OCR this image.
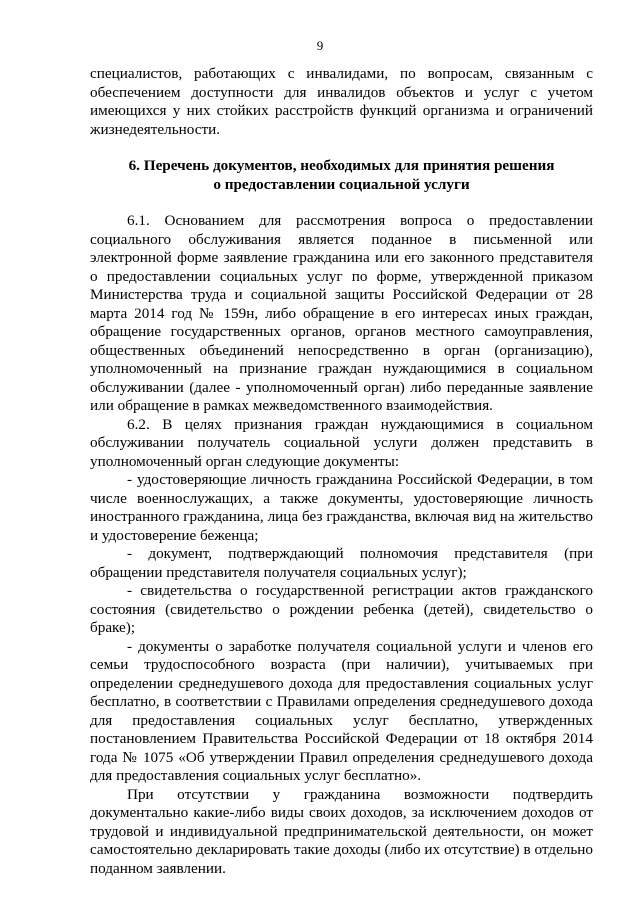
9

специалистов, работающих с инвалидами, по вопросам, связанным с обеспечением доступности для инвалидов объектов и услуг с учетом имеющихся у них стойких расстройств функций организма и ограничений жизнедеятельности.

6. Перечень документов, необходимых для принятия решения
о предоставлении социальной услуги

6.1. Основанием для рассмотрения вопроса о предоставлении социального обслуживания является поданное в письменной или электронной форме заявление гражданина или его законного представителя о предоставлении социальных услуг по форме, утвержденной приказом Министерства труда и социальной защиты Российской Федерации от 28 марта 2014 год № 159н, либо обращение в его интересах иных граждан, обращение государственных органов, органов местного самоуправления, общественных объединений непосредственно в орган (организацию), уполномоченный на признание граждан нуждающимися в социальном обслуживании (далее - уполномоченный орган) либо переданные заявление или обращение в рамках межведомственного взаимодействия.

6.2. В целях признания граждан нуждающимися в социальном обслуживании получатель социальной услуги должен представить в уполномоченный орган следующие документы:

- удостоверяющие личность гражданина Российской Федерации, в том числе военнослужащих, а также документы, удостоверяющие личность иностранного гражданина, лица без гражданства, включая вид на жительство и удостоверение беженца;

- документ, подтверждающий полномочия представителя (при обращении представителя получателя социальных услуг);

- свидетельства о государственной регистрации актов гражданского состояния (свидетельство о рождении ребенка (детей), свидетельство о браке);

- документы о заработке получателя социальной услуги и членов его семьи трудоспособного возраста (при наличии), учитываемых при определении среднедушевого дохода для предоставления социальных услуг бесплатно, в соответствии с Правилами определения среднедушевого дохода для предоставления социальных услуг бесплатно, утвержденных постановлением Правительства Российской Федерации от 18 октября 2014 года № 1075 «Об утверждении Правил определения среднедушевого дохода для предоставления социальных услуг бесплатно».

При отсутствии у гражданина возможности подтвердить документально какие-либо виды своих доходов, за исключением доходов от трудовой и индивидуальной предпринимательской деятельности, он может самостоятельно декларировать такие доходы (либо их отсутствие) в отдельно поданном заявлении.
